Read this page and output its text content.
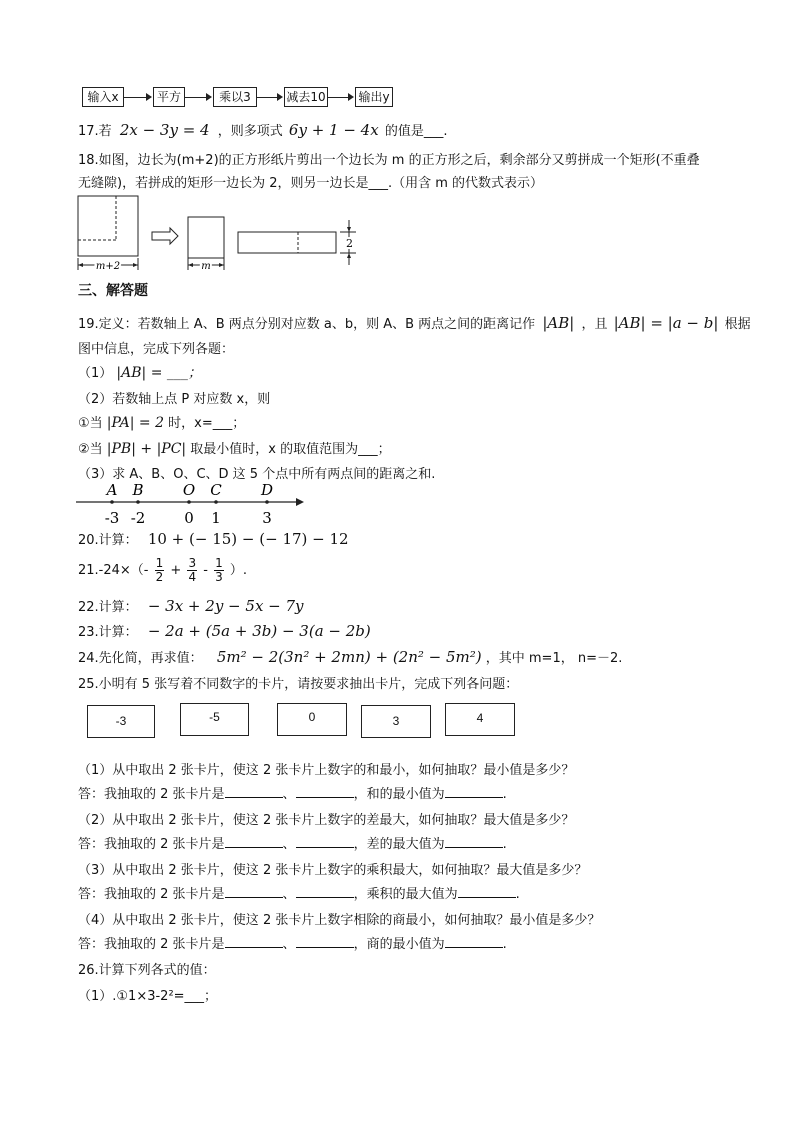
输入x	平方	乘以3	减去10	输出y
17.若 2x − 3y = 4 ，则多项式 6y + 1 − 4x 的值是___.
18.如图，边长为(m+2)的正方形纸片剪出一个边长为 m 的正方形之后，剩余部分又剪拼成一个矩形(不重叠
无缝隙)，若拼成的矩形一边长为 2，则另一边长是___.（用含 m 的代数式表示）
m+2	m
2
三、解答题
19.定义：若数轴上 A、B 两点分别对应数 a、b，则 A、B 两点之间的距离记作 |AB| ，且 |AB| = |a − b| 根据
图中信息，完成下列各题：
（1） |AB| = ___；
（2）若数轴上点 P 对应数 x，则
①当 |PA| = 2 时，x=___；
②当 |PB| + |PC| 取最小值时，x 的取值范围为___；
（3）求 A、B、O、C、D 这 5 个点中所有两点间的距离之和.
A B	O C	D
-3 -2	0 1	3
20.计算： 10 + (− 15) − (− 17) − 12
$21.-24\times(- \frac{1}{2} + \frac{3}{4} - \frac{1}{3}$ ）.
22.计算： − 3x + 2y − 5x − 7y
23.计算： − 2a + (5a + 3b) − 3(a − 2b)
24.先化简，再求值： 5m² − 2(3n² + 2mn) + (2n² − 5m²) ，其中 m=1， n=－2.
25.小明有 5 张写着不同数字的卡片，请按要求抽出卡片，完成下列各问题：
-3	-5	0	3	4
（1）从中取出 2 张卡片，使这 2 张卡片上数字的和最小，如何抽取？最小值是多少？
答：我抽取的 2 张卡片是	、	，和的最小值为	.
（2）从中取出 2 张卡片，使这 2 张卡片上数字的差最大，如何抽取？最大值是多少？
答：我抽取的 2 张卡片是	、	，差的最大值为	.
（3）从中取出 2 张卡片，使这 2 张卡片上数字的乘积最大，如何抽取？最大值是多少？
答：我抽取的 2 张卡片是	、	，乘积的最大值为	.
（4）从中取出 2 张卡片，使这 2 张卡片上数字相除的商最小，如何抽取？最小值是多少？
答：我抽取的 2 张卡片是	、	，商的最小值为	.
26.计算下列各式的值：
（1）.①1×3-2²=___；
